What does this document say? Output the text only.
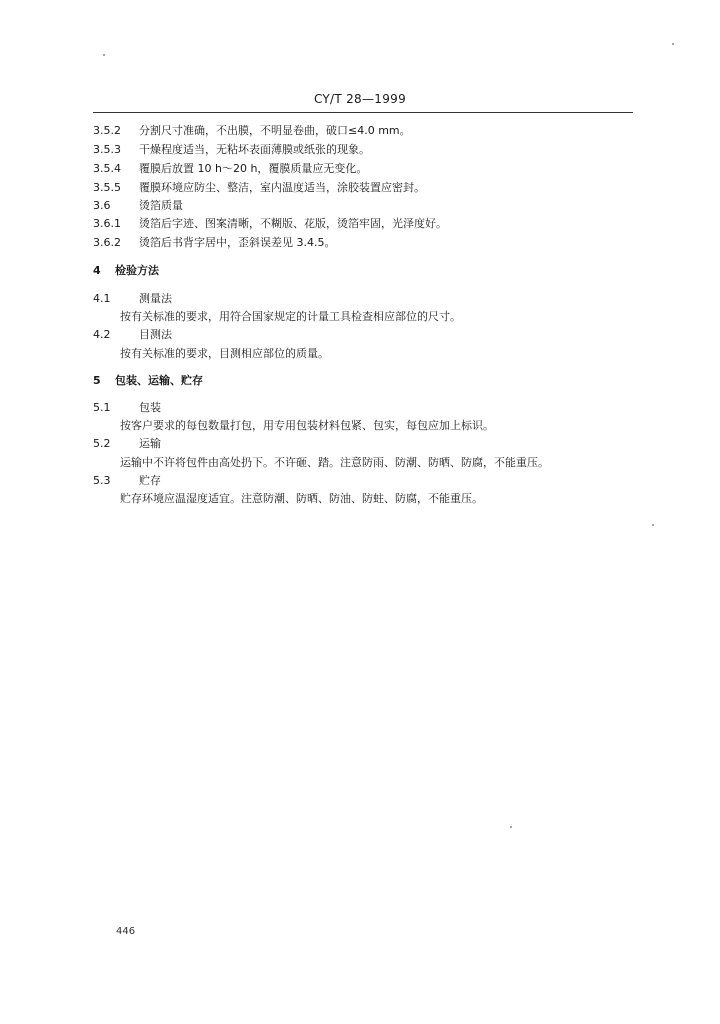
CY/T 28—1999
3.5.2 分割尺寸准确，不出膜，不明显卷曲，破口≤4.0 mm。
3.5.3 干燥程度适当，无粘坏表面薄膜或纸张的现象。
3.5.4 覆膜后放置 10 h～20 h，覆膜质量应无变化。
3.5.5 覆膜环境应防尘、整洁，室内温度适当，涂胶装置应密封。
3.6	烫箔质量
3.6.1 烫箔后字迹、图案清晰，不糊版、花版，烫箔牢固，光泽度好。
3.6.2 烫箔后书背字居中，歪斜误差见 3.4.5。
4 检验方法
4.1	测量法
按有关标准的要求，用符合国家规定的计量工具检查相应部位的尺寸。
4.2	目测法
按有关标准的要求，目测相应部位的质量。
5 包装、运输、贮存
5.1	包装
按客户要求的每包数量打包，用专用包装材料包紧、包实，每包应加上标识。
5.2	运输
运输中不许将包件由高处扔下。不许砸、踏。注意防雨、防潮、防晒、防腐，不能重压。
5.3	贮存
贮存环境应温湿度适宜。注意防潮、防晒、防油、防蛀、防腐，不能重压。
446
